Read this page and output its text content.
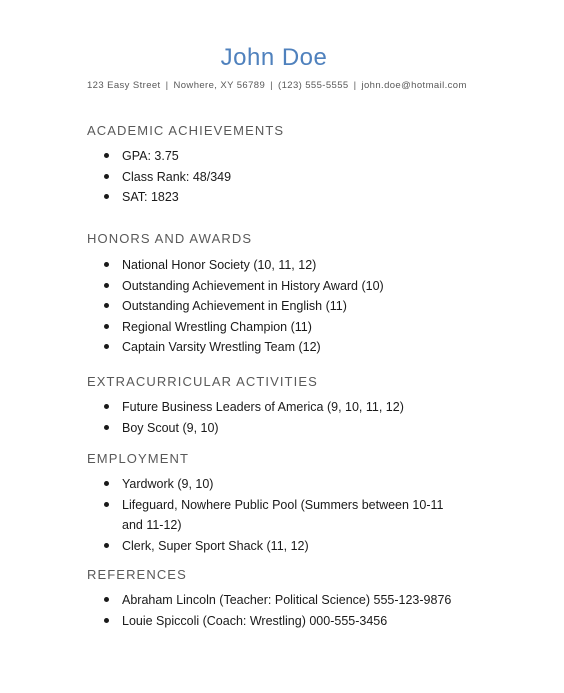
John Doe
123 Easy Street | Nowhere, XY 56789 | (123) 555-5555 | john.doe@hotmail.com
ACADEMIC ACHIEVEMENTS
GPA: 3.75
Class Rank: 48/349
SAT: 1823
HONORS AND AWARDS
National Honor Society (10, 11, 12)
Outstanding Achievement in History Award (10)
Outstanding Achievement in English (11)
Regional Wrestling Champion (11)
Captain Varsity Wrestling Team (12)
EXTRACURRICULAR ACTIVITIES
Future Business Leaders of America (9, 10, 11, 12)
Boy Scout (9, 10)
EMPLOYMENT
Yardwork (9, 10)
Lifeguard, Nowhere Public Pool (Summers between 10-11 and 11-12)
Clerk, Super Sport Shack (11, 12)
REFERENCES
Abraham Lincoln (Teacher: Political Science) 555-123-9876
Louie Spiccoli (Coach: Wrestling) 000-555-3456
